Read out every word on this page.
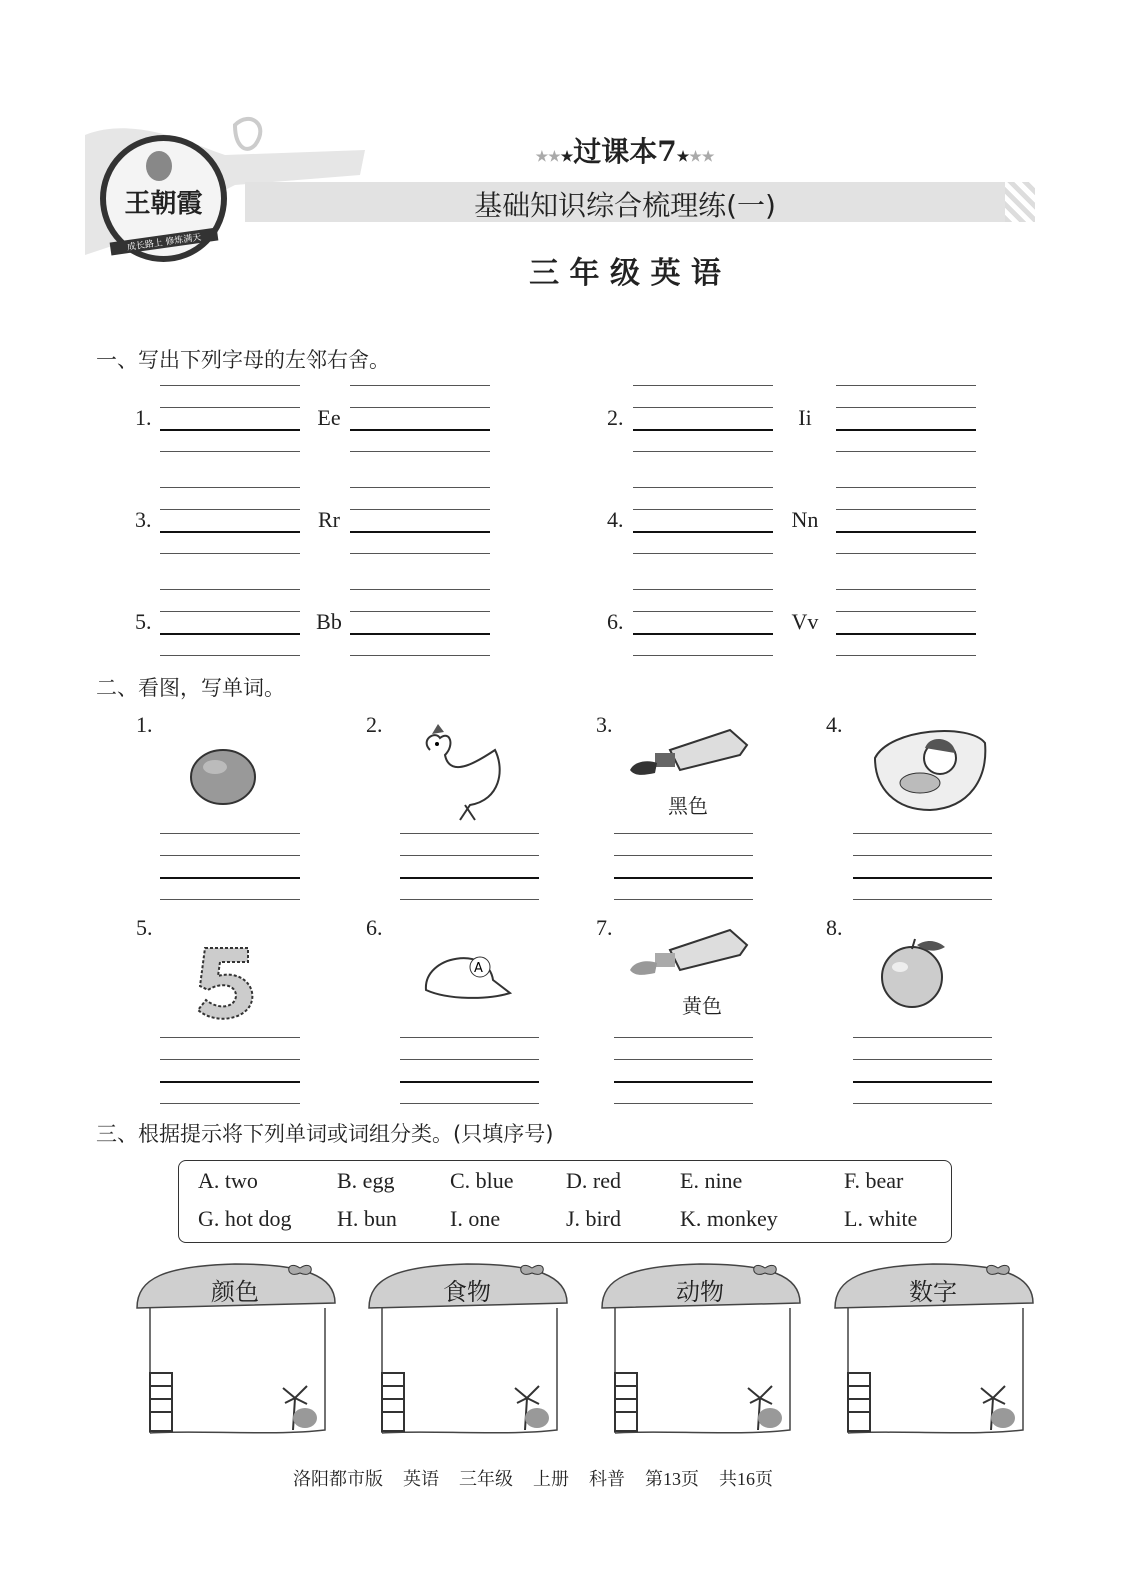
王朝霞
成长路上 修炼满天
★★★过课本7★★★
基础知识综合梳理练(一)
三 年 级 英 语
一、写出下列字母的左邻右舍。
二、看图，写单词。
黑色
A
黄色
三、根据提示将下列单词或词组分类。(只填序号)
洛阳都市版 英语 三年级 上册 科普 第13页 共16页
1.	Ee	2.	Ii
3.	Rr	4.	Nn
5.	Bb	6.	Vv
1.	2.	3.	4.
5.	6.	7.	8.
A. two	B. egg	C. blue D. red	E. nine	F. bear
G. hot dog H. bun I. one	J. bird	K. monkey	L. white
颜色	食物	动物	数字
